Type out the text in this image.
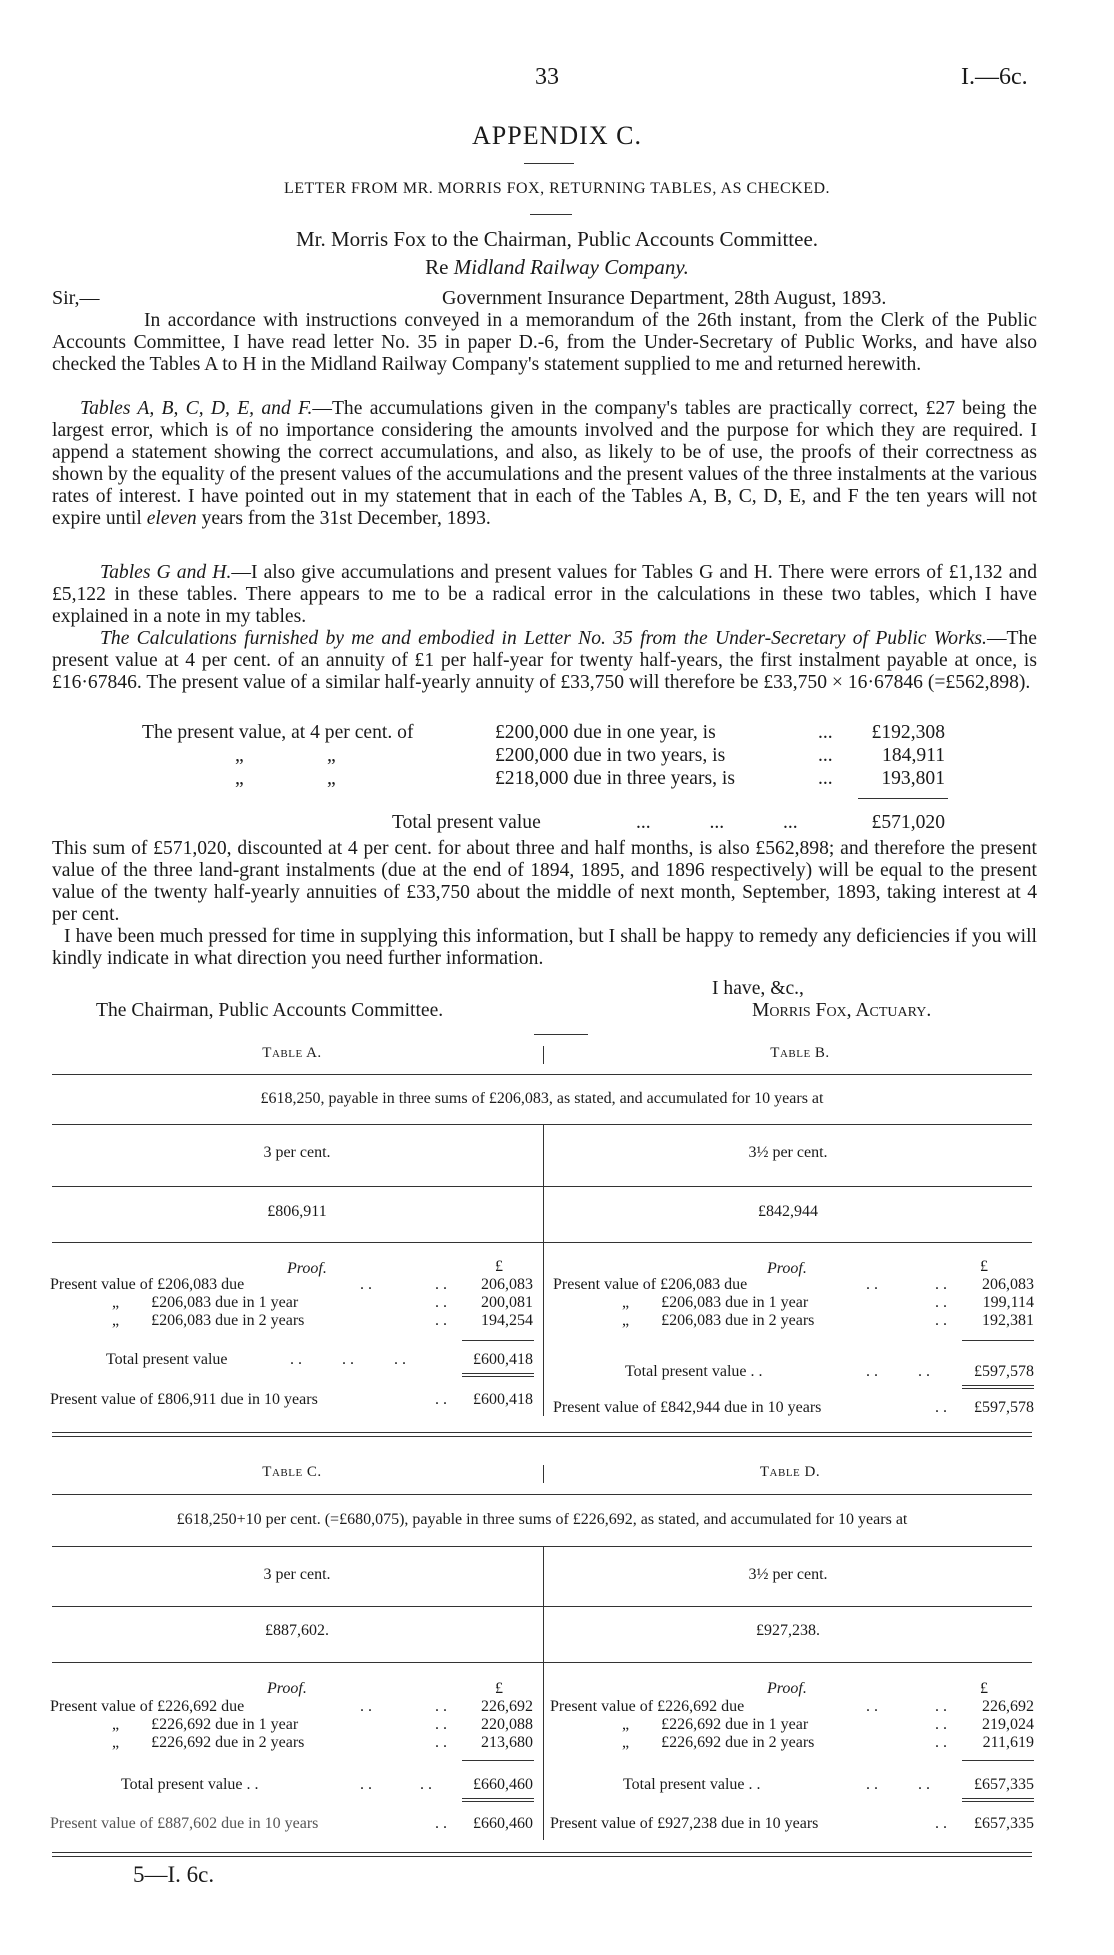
33	I.—6c.
APPENDIX C.
LETTER FROM MR. MORRIS FOX, RETURNING TABLES, AS CHECKED.
Mr. Morris Fox to the Chairman, Public Accounts Committee.
Re Midland Railway Company.
Sir,—	Government Insurance Department, 28th August, 1893.

In accordance with instructions conveyed in a memorandum of the 26th instant, from the Clerk of the Public Accounts Committee, I have read letter No. 35 in paper D.-6, from the Under-Secretary of Public Works, and have also checked the Tables A to H in the Midland Railway Company's statement supplied to me and returned herewith.

Tables A, B, C, D, E, and F.—The accumulations given in the company's tables are practically correct, £27 being the largest error, which is of no importance considering the amounts involved and the purpose for which they are required. I append a statement showing the correct accumulations, and also, as likely to be of use, the proofs of their correctness as shown by the equality of the present values of the accumulations and the present values of the three instalments at the various rates of interest. I have pointed out in my statement that in each of the Tables A, B, C, D, E, and F the ten years will not expire until eleven years from the 31st December, 1893.

Tables G and H.—I also give accumulations and present values for Tables G and H. There were errors of £1,132 and £5,122 in these tables. There appears to me to be a radical error in the calculations in these two tables, which I have explained in a note in my tables.

The Calculations furnished by me and embodied in Letter No. 35 from the Under-Secretary of Public Works.—The present value at 4 per cent. of an annuity of £1 per half-year for twenty half-years, the first instalment payable at once, is £16·67846. The present value of a similar half-yearly annuity of £33,750 will therefore be £33,750 × 16·67846 (=£562,898).

The present value, at 4 per cent. of	£200,000 due in one year, is	...	£192,308
„                 „	£200,000 due in two years, is	...	184,911
„                 „	£218,000 due in three years, is	...	193,801
Total present value	...            ...            ...	£571,020

This sum of £571,020, discounted at 4 per cent. for about three and half months, is also £562,898; and therefore the present value of the three land-grant instalments (due at the end of 1894, 1895, and 1896 respectively) will be equal to the present value of the twenty half-yearly annuities of £33,750 about the middle of next month, September, 1893, taking interest at 4 per cent.

I have been much pressed for time in supplying this information, but I shall be happy to remedy any deficiencies if you will kindly indicate in what direction you need further information.

I have, &c.,
The Chairman, Public Accounts Committee.	Morris Fox, Actuary.
Table A.	Table B.
£618,250, payable in three sums of £206,083, as stated, and accumulated for 10 years at
3 per cent.	3½ per cent.
£806,911	£842,944
Proof.	£
Present value of £206,083 due	. .	. .	206,083
„        £206,083 due in 1 year	. .	200,081
„        £206,083 due in 2 years	. .	194,254
Total present value	. .          . .          . .	£600,418
Present value of £806,911 due in 10 years	. .	£600,418
Proof.	£
Present value of £206,083 due	. .	. .	206,083
„        £206,083 due in 1 year	. .	199,114
„        £206,083 due in 2 years	. .	192,381
Total present value . .	. .          . .	£597,578
Present value of £842,944 due in 10 years	. .	£597,578
Table C.	Table D.
£618,250+10 per cent. (=£680,075), payable in three sums of £226,692, as stated, and accumulated for 10 years at
3 per cent.	3½ per cent.
£887,602.	£927,238.
Proof.	£
Present value of £226,692 due	. .	. .	226,692
„        £226,692 due in 1 year	. .	220,088
„        £226,692 due in 2 years	. .	213,680
Total present value . .	. .            . .	£660,460
Present value of £887,602 due in 10 years	. .	£660,460
Proof.	£
Present value of £226,692 due	. .	. .	226,692
„        £226,692 due in 1 year	. .	219,024
„        £226,692 due in 2 years	. .	211,619
Total present value . .	. .          . .	£657,335
Present value of £927,238 due in 10 years	. .	£657,335
5—I. 6c.
